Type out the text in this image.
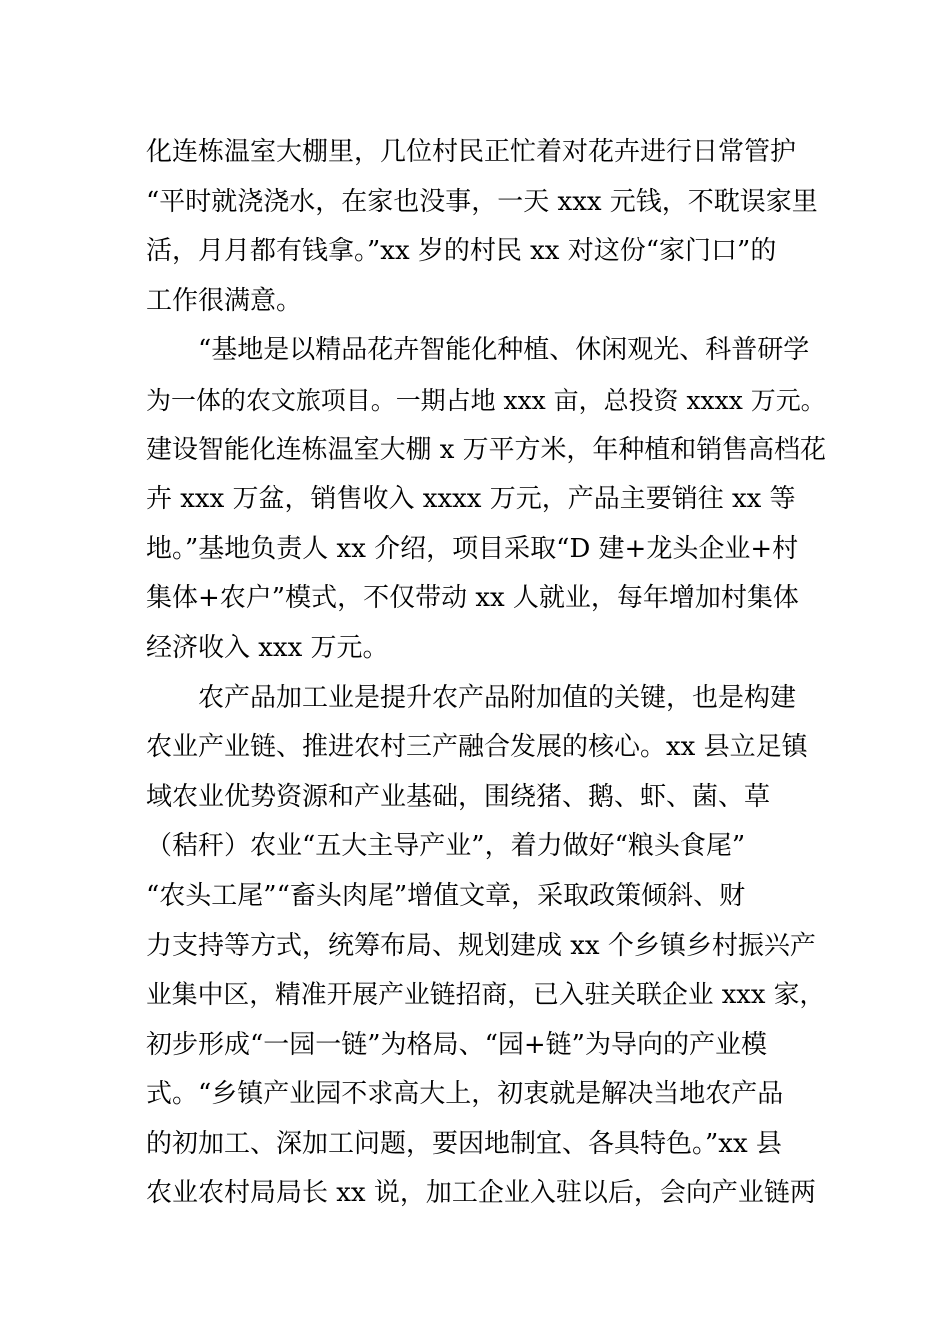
化连栋温室大棚里，几位村民正忙着对花卉进行日常管护
“平时就浇浇水，在家也没事，一天 xxx 元钱，不耽误家里
活，月月都有钱拿。”xx 岁的村民 xx 对这份“家门口”的
工作很满意。
“基地是以精品花卉智能化种植、休闲观光、科普研学
为一体的农文旅项目。一期占地 xxx 亩，总投资 xxxx 万元。
建设智能化连栋温室大棚 x 万平方米，年种植和销售高档花
卉 xxx 万盆，销售收入 xxxx 万元，产品主要销往 xx 等
地。”基地负责人 xx 介绍，项目采取“D 建+龙头企业+村
集体+农户”模式，不仅带动 xx 人就业，每年增加村集体
经济收入 xxx 万元。
农产品加工业是提升农产品附加值的关键，也是构建
农业产业链、推进农村三产融合发展的核心。xx 县立足镇
域农业优势资源和产业基础，围绕猪、鹅、虾、菌、草
（秸秆）农业“五大主导产业”，着力做好“粮头食尾”
“农头工尾”“畜头肉尾”增值文章，采取政策倾斜、财
力支持等方式，统筹布局、规划建成 xx 个乡镇乡村振兴产
业集中区，精准开展产业链招商，已入驻关联企业 xxx 家，
初步形成“一园一链”为格局、“园+链”为导向的产业模
式。“乡镇产业园不求高大上，初衷就是解决当地农产品
的初加工、深加工问题，要因地制宜、各具特色。”xx 县
农业农村局局长 xx 说，加工企业入驻以后，会向产业链两
